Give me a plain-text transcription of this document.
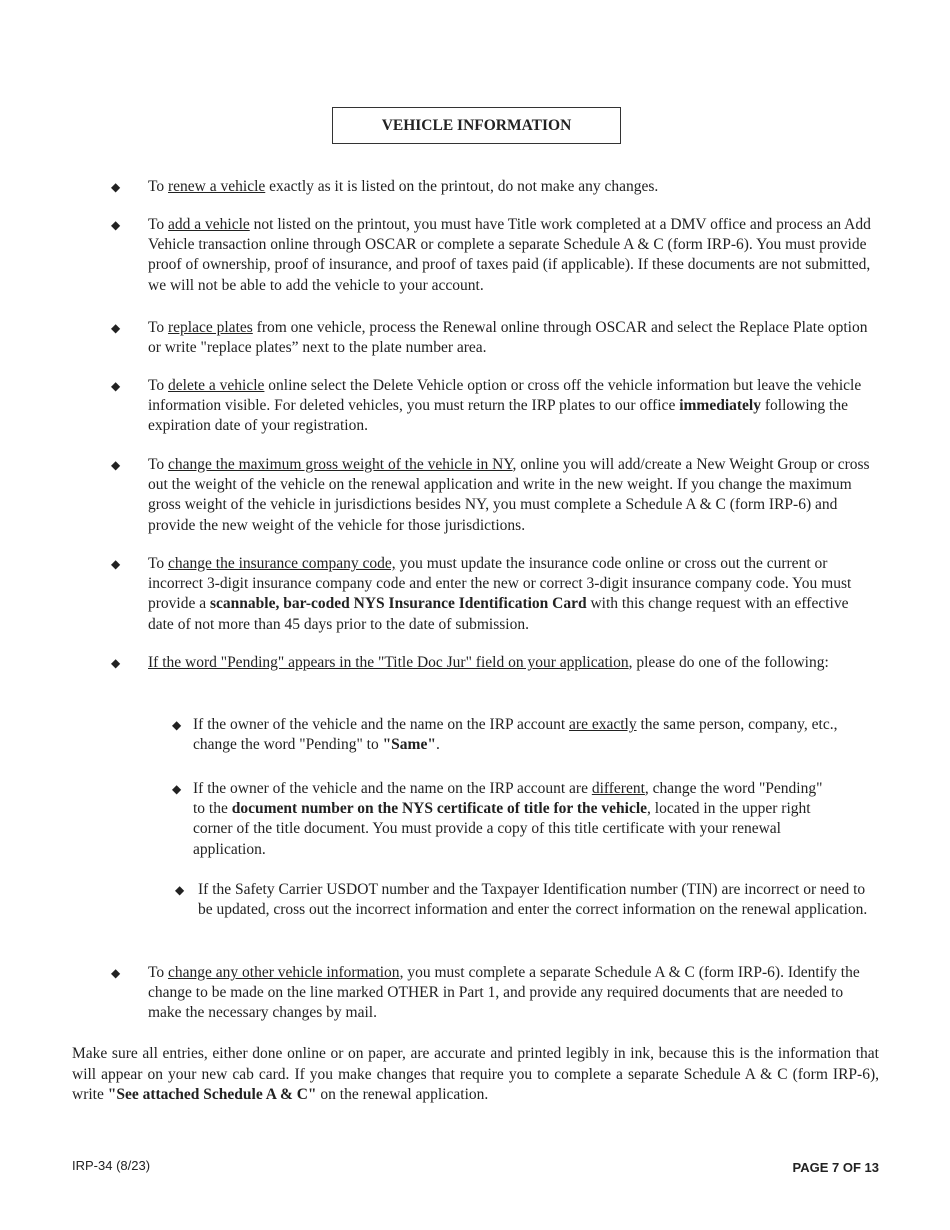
VEHICLE INFORMATION
◆ To renew a vehicle exactly as it is listed on the printout, do not make any changes.
◆ To add a vehicle not listed on the printout, you must have Title work completed at a DMV office and process an Add Vehicle transaction online through OSCAR or complete a separate Schedule A & C (form IRP-6). You must provide proof of ownership, proof of insurance, and proof of taxes paid (if applicable). If these documents are not submitted, we will not be able to add the vehicle to your account.
◆ To replace plates from one vehicle, process the Renewal online through OSCAR and select the Replace Plate option or write "replace plates” next to the plate number area.
◆ To delete a vehicle online select the Delete Vehicle option or cross off the vehicle information but leave the vehicle information visible. For deleted vehicles, you must return the IRP plates to our office immediately following the expiration date of your registration.
◆ To change the maximum gross weight of the vehicle in NY, online you will add/create a New Weight Group or cross out the weight of the vehicle on the renewal application and write in the new weight. If you change the maximum gross weight of the vehicle in jurisdictions besides NY, you must complete a Schedule A & C (form IRP-6) and provide the new weight of the vehicle for those jurisdictions.
◆ To change the insurance company code, you must update the insurance code online or cross out the current or incorrect 3-digit insurance company code and enter the new or correct 3-digit insurance company code. You must provide a scannable, bar-coded NYS Insurance Identification Card with this change request with an effective date of not more than 45 days prior to the date of submission.
◆ If the word "Pending" appears in the "Title Doc Jur" field on your application, please do one of the following:
◆ If the owner of the vehicle and the name on the IRP account are exactly the same person, company, etc., change the word "Pending" to "Same".
◆ If the owner of the vehicle and the name on the IRP account are different, change the word "Pending" to the document number on the NYS certificate of title for the vehicle, located in the upper right corner of the title document. You must provide a copy of this title certificate with your renewal application.
◆ If the Safety Carrier USDOT number and the Taxpayer Identification number (TIN) are incorrect or need to be updated, cross out the incorrect information and enter the correct information on the renewal application.
◆ To change any other vehicle information, you must complete a separate Schedule A & C (form IRP-6). Identify the change to be made on the line marked OTHER in Part 1, and provide any required documents that are needed to make the necessary changes by mail.
Make sure all entries, either done online or on paper, are accurate and printed legibly in ink, because this is the information that will appear on your new cab card. If you make changes that require you to complete a separate Schedule A & C (form IRP-6), write "See attached Schedule A & C" on the renewal application.
IRP-34 (8/23)	PAGE 7 OF 13
